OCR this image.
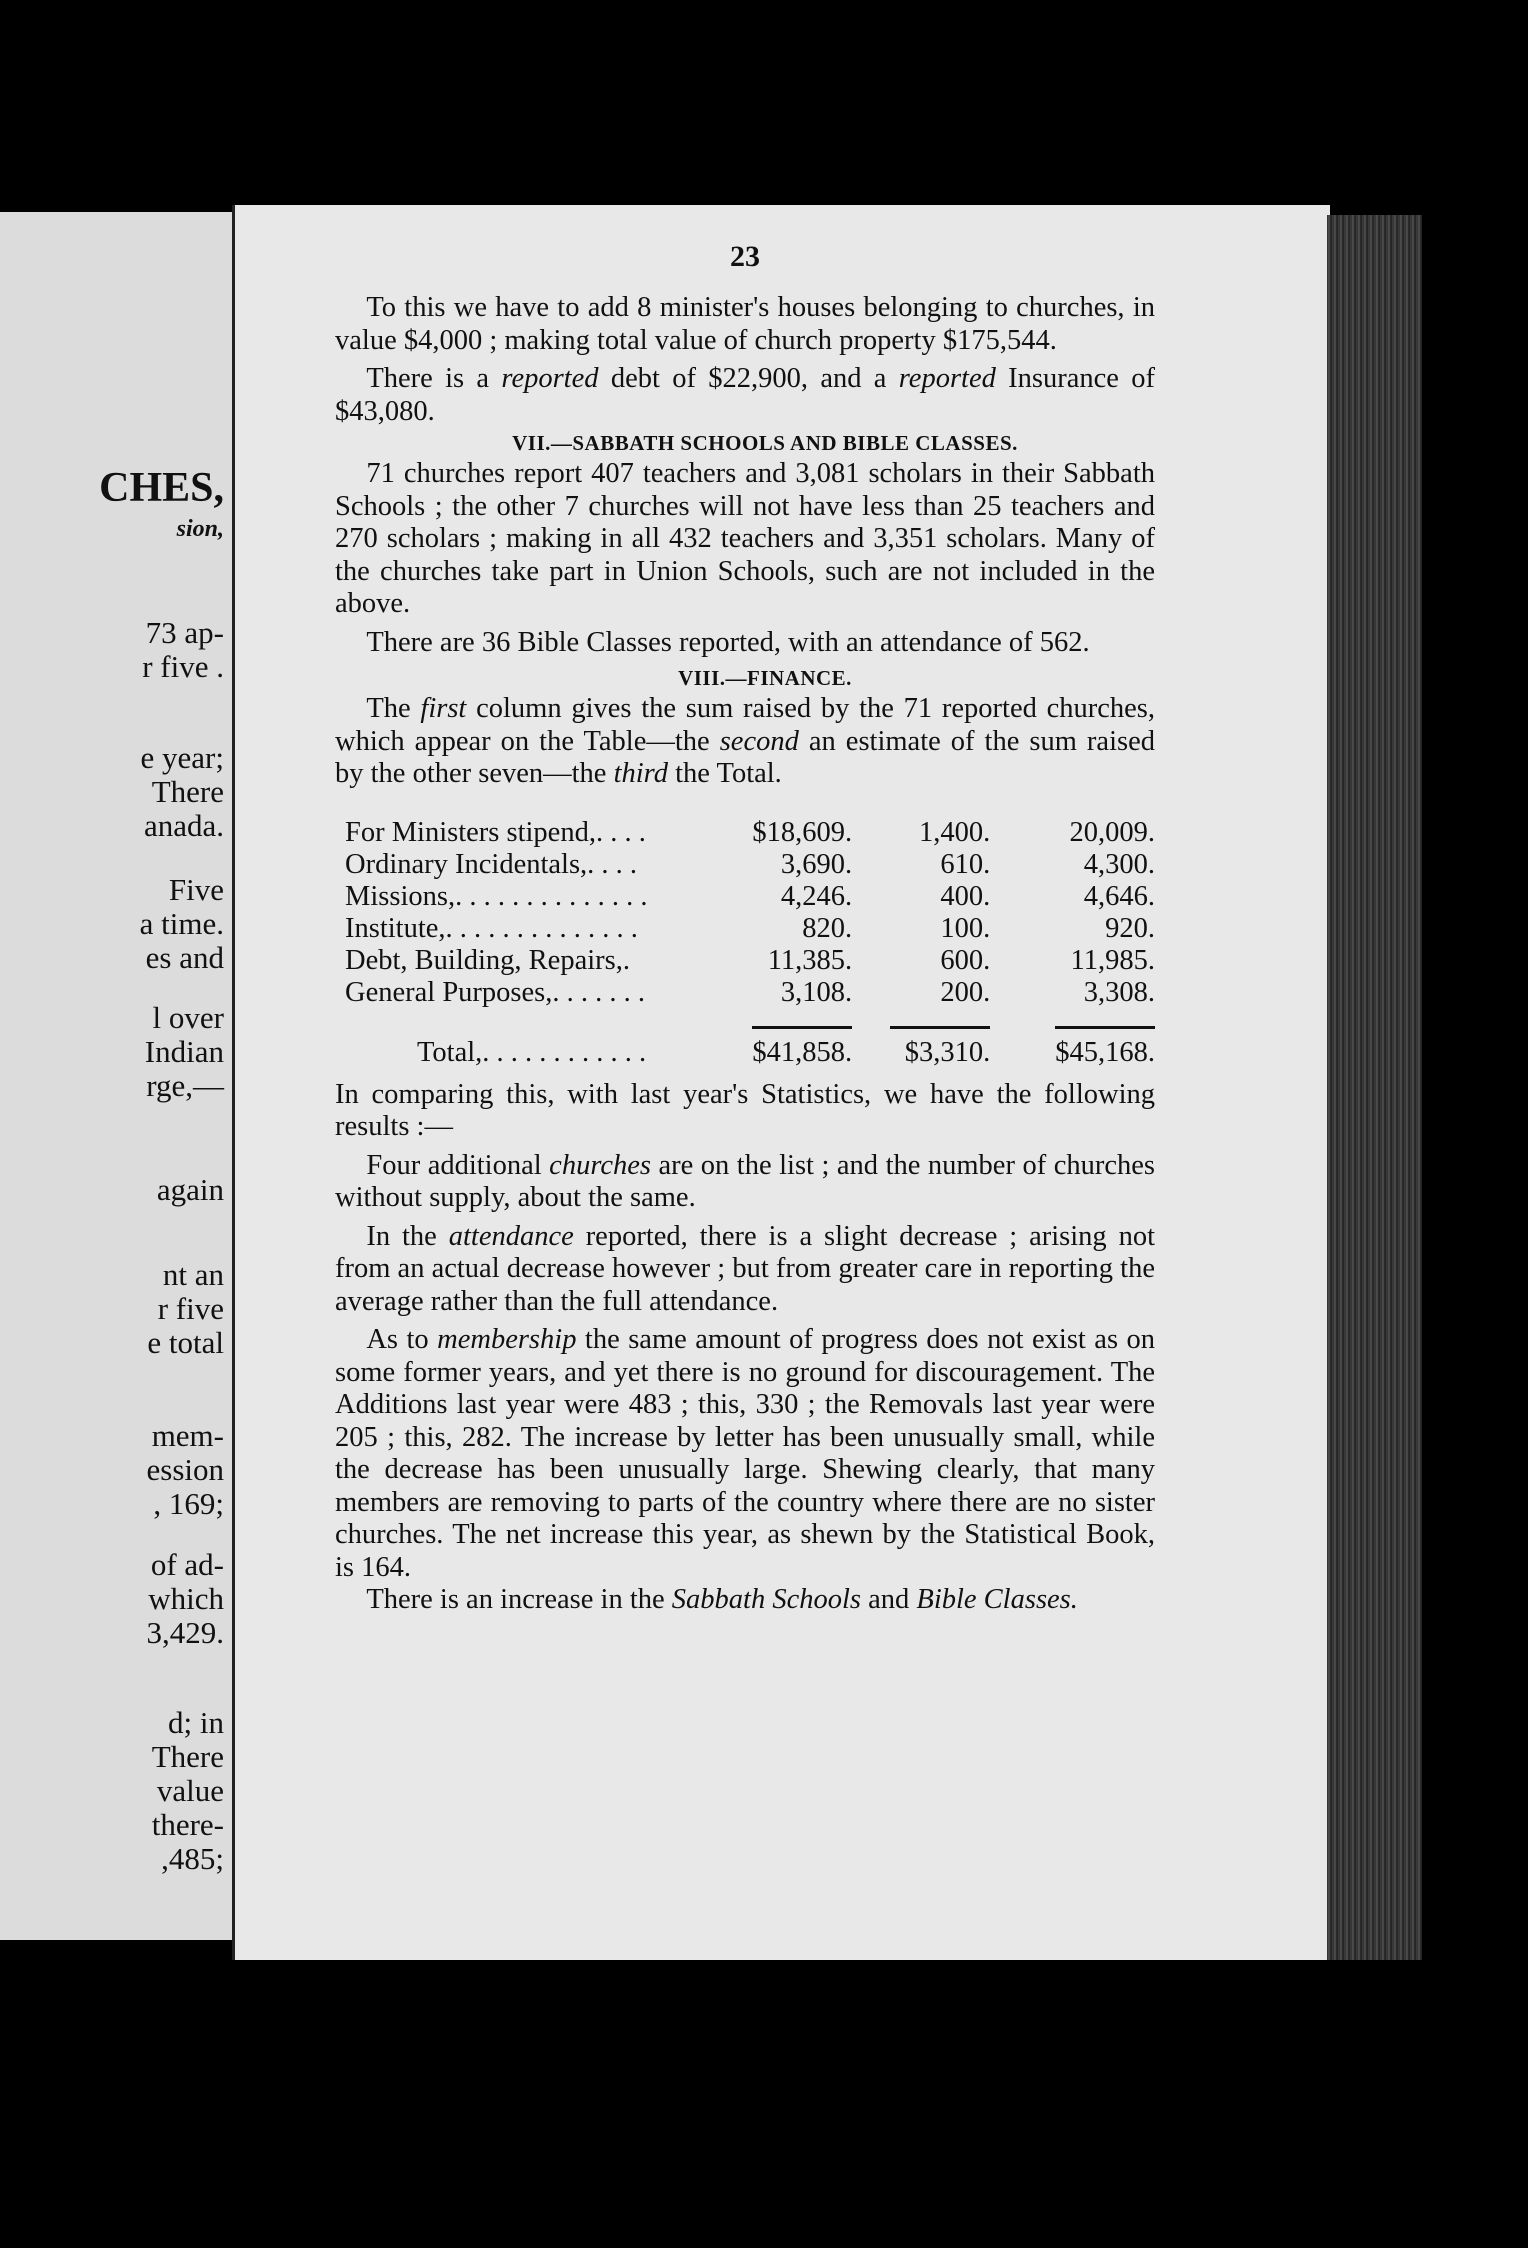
CHES,
sion,
73 ap-
r five .
e year;
There
anada.
Five
a time.
es and
l over
Indian
rge,—
again
nt an
r five
e total
mem-
ession
, 169;
of ad-
which
3,429.
d; in
There
value
there-
,485;
23

To this we have to add 8 minister's houses belonging to churches, in value $4,000 ; making total value of church property $175,544.

There is a reported debt of $22,900, and a reported Insurance of $43,080.

VII.—SABBATH SCHOOLS AND BIBLE CLASSES.

71 churches report 407 teachers and 3,081 scholars in their Sabbath Schools ; the other 7 churches will not have less than 25 teachers and 270 scholars ; making in all 432 teachers and 3,351 scholars. Many of the churches take part in Union Schools, such are not included in the above.

There are 36 Bible Classes reported, with an attendance of 562.

VIII.—FINANCE.

The first column gives the sum raised by the 71 reported churches, which appear on the Table—the second an estimate of the sum raised by the other seven—the third the Total.

For Ministers stipend,. . . .	$18,609.	1,400.	20,009.
Ordinary Incidentals,. . . .	3,690.	610.	4,300.
Missions,. . . . . . . . . . . . . .	4,246.	400.	4,646.
Institute,. . . . . . . . . . . . . .	820.	100.	920.
Debt, Building, Repairs,.	11,385.	600.	11,985.
General Purposes,. . . . . . .	3,108.	200.	3,308.

Total,. . . . . . . . . . . .	$41,858.	$3,310.	$45,168.

In comparing this, with last year's Statistics, we have the following results :—

Four additional churches are on the list ; and the number of churches without supply, about the same.

In the attendance reported, there is a slight decrease ; arising not from an actual decrease however ; but from greater care in reporting the average rather than the full attendance.

As to membership the same amount of progress does not exist as on some former years, and yet there is no ground for discouragement. The Additions last year were 483 ; this, 330 ; the Removals last year were 205 ; this, 282. The increase by letter has been unusually small, while the decrease has been unusually large. Shewing clearly, that many members are removing to parts of the country where there are no sister churches. The net increase this year, as shewn by the Statistical Book, is 164.

There is an increase in the Sabbath Schools and Bible Classes.
